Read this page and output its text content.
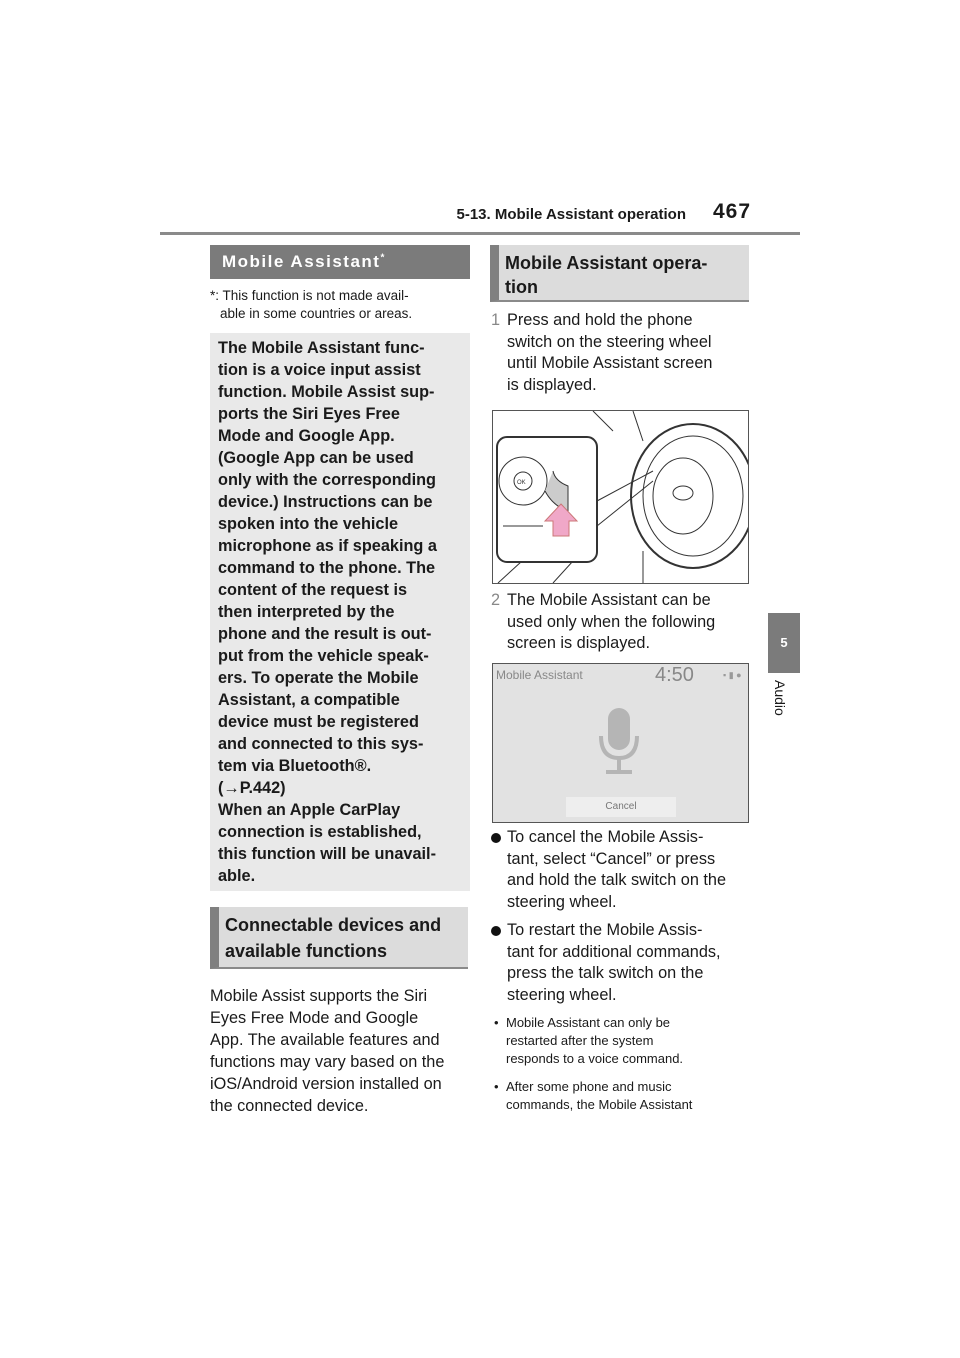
5-13. Mobile Assistant operation 467
5
Audio
Mobile Assistant*
*: This function is not made avail-
able in some countries or areas.
The Mobile Assistant func-
tion is a voice input assist
function. Mobile Assist sup-
ports the Siri Eyes Free
Mode and Google App.
(Google App can be used
only with the corresponding
device.) Instructions can be
spoken into the vehicle
microphone as if speaking a
command to the phone. The
content of the request is
then interpreted by the
phone and the result is out-
put from the vehicle speak-
ers. To operate the Mobile
Assistant, a compatible
device must be registered
and connected to this sys-
tem via Bluetooth®.
(→P.442)
When an Apple CarPlay
connection is established,
this function will be unavail-
able.
Connectable devices and
available functions
Mobile Assist supports the Siri
Eyes Free Mode and Google
App. The available features and
functions may vary based on the
iOS/Android version installed on
the connected device.
Mobile Assistant opera-
tion
1 Press and hold the phone
switch on the steering wheel
until Mobile Assistant screen
is displayed.
OK
2 The Mobile Assistant can be
used only when the following
screen is displayed.
Mobile Assistant	4:50	▪ ▮ ●
Cancel
To cancel the Mobile Assis-
tant, select “Cancel” or press
and hold the talk switch on the
steering wheel.
To restart the Mobile Assis-
tant for additional commands,
press the talk switch on the
steering wheel.
• Mobile Assistant can only be
restarted after the system
responds to a voice command.
• After some phone and music
commands, the Mobile Assistant
